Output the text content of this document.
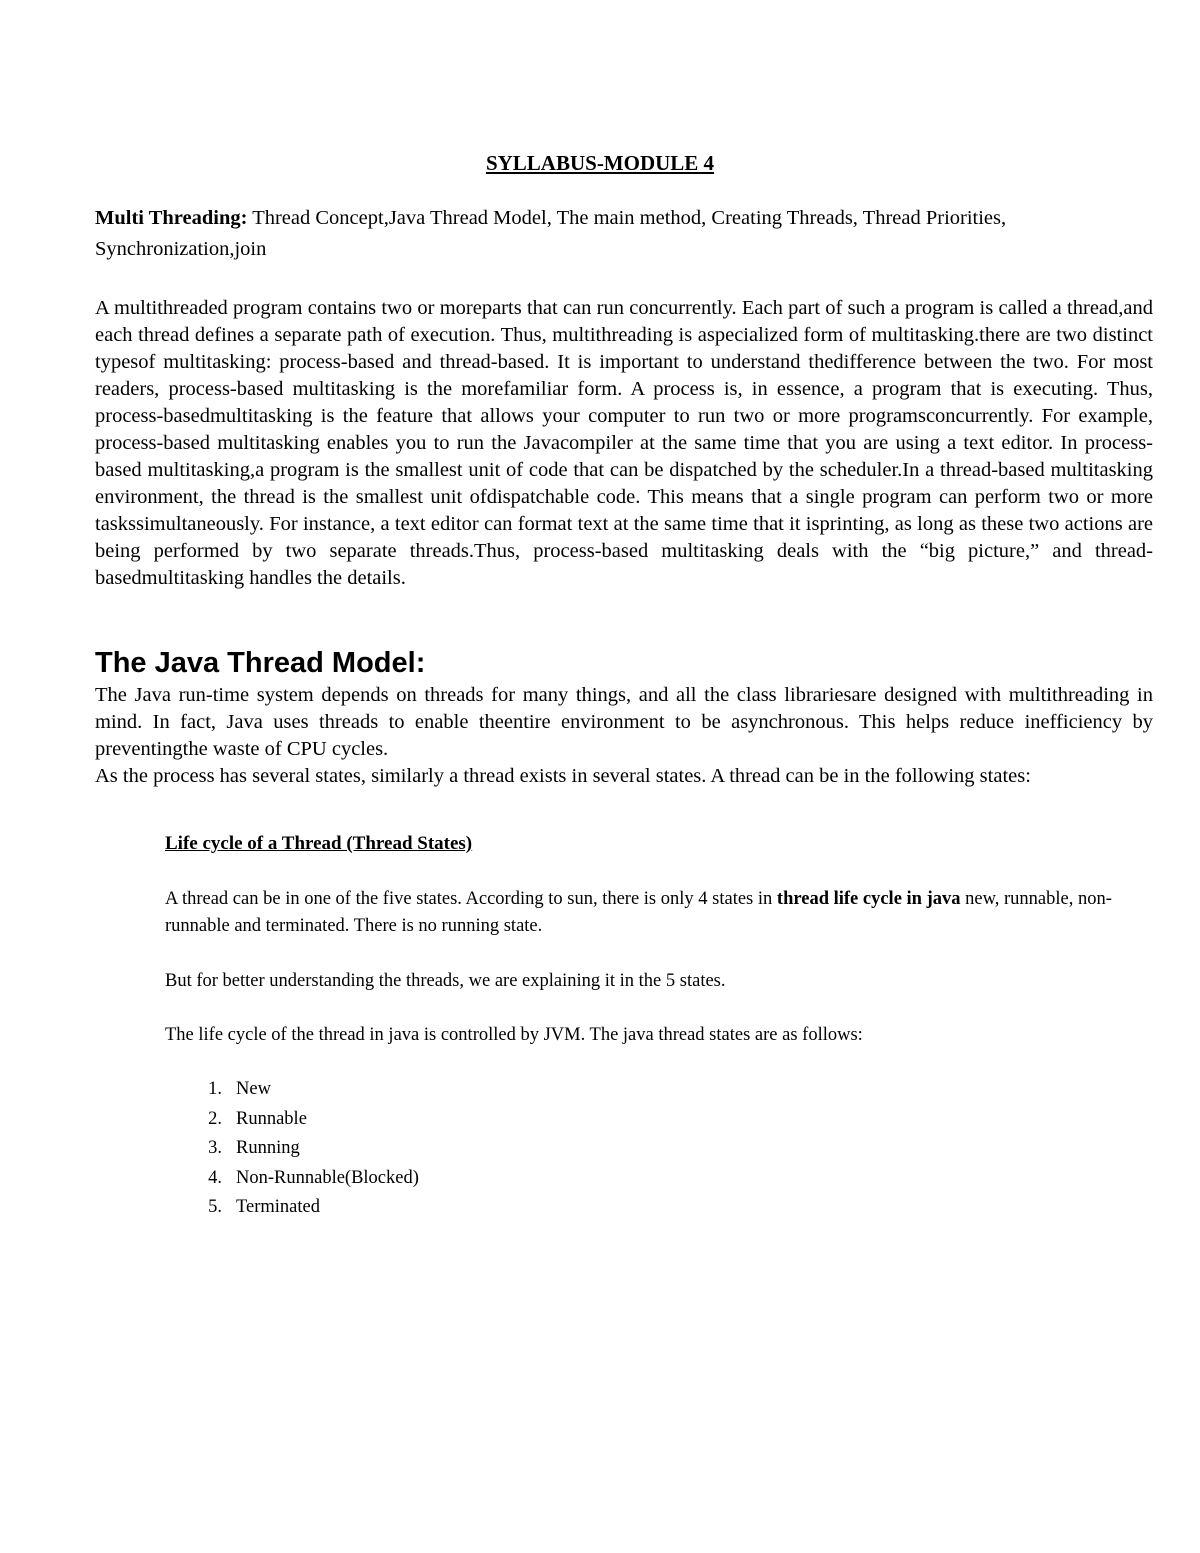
SYLLABUS-MODULE 4
Multi Threading: Thread Concept,Java Thread Model, The main method, Creating Threads, Thread Priorities, Synchronization,join
A multithreaded program contains two or moreparts that can run concurrently. Each part of such a program is called a thread,and each thread defines a separate path of execution. Thus, multithreading is aspecialized form of multitasking.there are two distinct typesof multitasking: process-based and thread-based. It is important to understand thedifference between the two. For most readers, process-based multitasking is the morefamiliar form. A process is, in essence, a program that is executing. Thus, process-basedmultitasking is the feature that allows your computer to run two or more programsconcurrently. For example, process-based multitasking enables you to run the Javacompiler at the same time that you are using a text editor. In process-based multitasking,a program is the smallest unit of code that can be dispatched by the scheduler.In a thread-based multitasking environment, the thread is the smallest unit ofdispatchable code. This means that a single program can perform two or more taskssimultaneously. For instance, a text editor can format text at the same time that it isprinting, as long as these two actions are being performed by two separate threads.Thus, process-based multitasking deals with the “big picture,” and thread-basedmultitasking handles the details.
The Java Thread Model:

The Java run-time system depends on threads for many things, and all the class librariesare designed with multithreading in mind. In fact, Java uses threads to enable theentire environment to be asynchronous. This helps reduce inefficiency by preventingthe waste of CPU cycles.

As the process has several states, similarly a thread exists in several states. A thread can be in the following states:

Life cycle of a Thread (Thread States)
A thread can be in one of the five states. According to sun, there is only 4 states in thread life cycle in java new, runnable, non-runnable and terminated. There is no running state.
But for better understanding the threads, we are explaining it in the 5 states.
The life cycle of the thread in java is controlled by JVM. The java thread states are as follows:
1. New
2. Runnable
3. Running
4. Non-Runnable(Blocked)
5. Terminated
